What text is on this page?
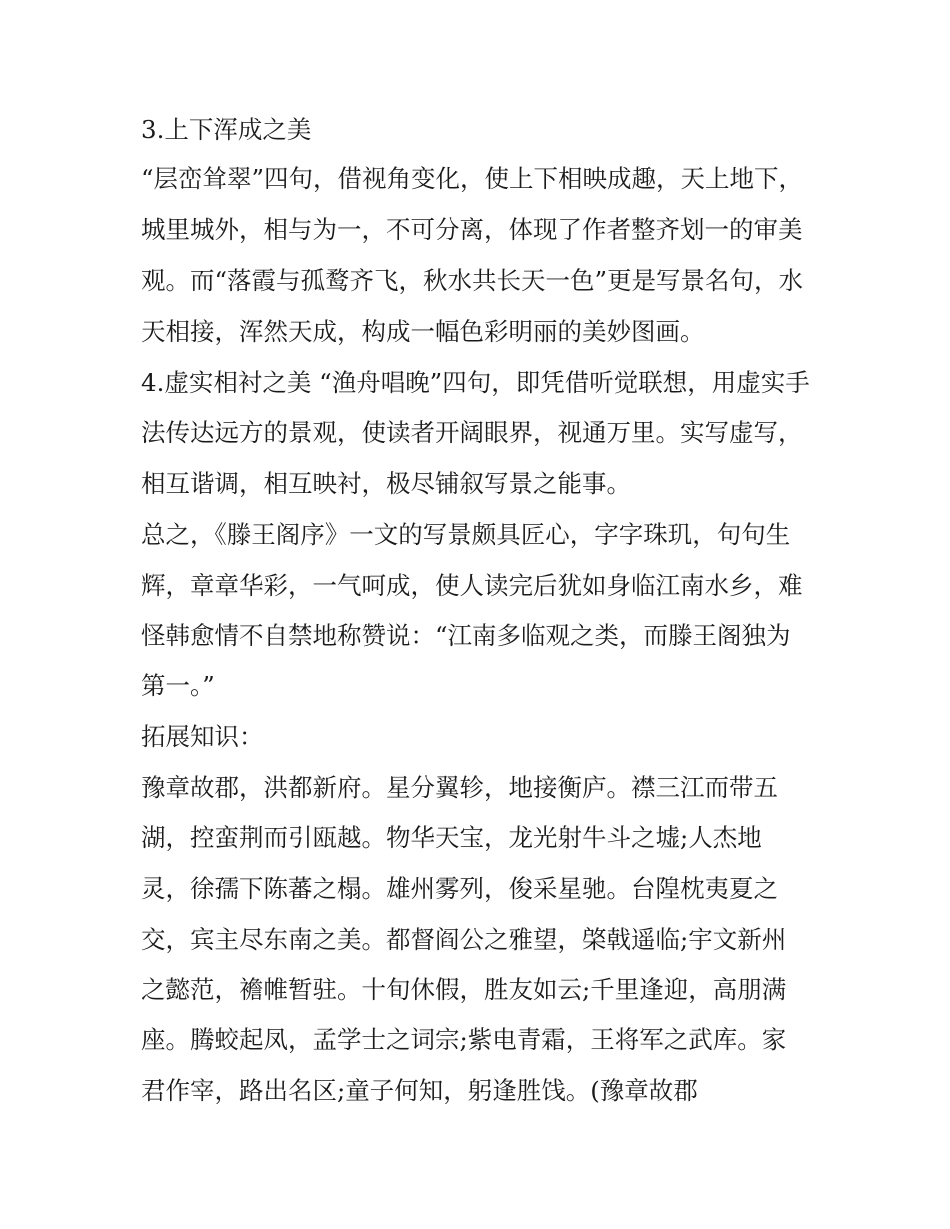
3.上下浑成之美
“层峦耸翠”四句，借视角变化，使上下相映成趣，天上地下，
城里城外，相与为一，不可分离，体现了作者整齐划一的审美
观。而“落霞与孤鹜齐飞，秋水共长天一色”更是写景名句，水
天相接，浑然天成，构成一幅色彩明丽的美妙图画。
4.虚实相衬之美 “渔舟唱晚”四句，即凭借听觉联想，用虚实手
法传达远方的景观，使读者开阔眼界，视通万里。实写虚写，
相互谐调，相互映衬，极尽铺叙写景之能事。
总之，《滕王阁序》一文的写景颇具匠心，字字珠玑，句句生
辉，章章华彩，一气呵成，使人读完后犹如身临江南水乡，难
怪韩愈情不自禁地称赞说：“江南多临观之类，而滕王阁独为
第一。”
拓展知识：
豫章故郡，洪都新府。星分翼轸，地接衡庐。襟三江而带五
湖，控蛮荆而引瓯越。物华天宝，龙光射牛斗之墟;人杰地
灵，徐孺下陈蕃之榻。雄州雾列，俊采星驰。台隍枕夷夏之
交，宾主尽东南之美。都督阎公之雅望，棨戟遥临;宇文新州
之懿范，襜帷暂驻。十旬休假，胜友如云;千里逢迎，高朋满
座。腾蛟起凤，孟学士之词宗;紫电青霜，王将军之武库。家
君作宰，路出名区;童子何知，躬逢胜饯。(豫章故郡
